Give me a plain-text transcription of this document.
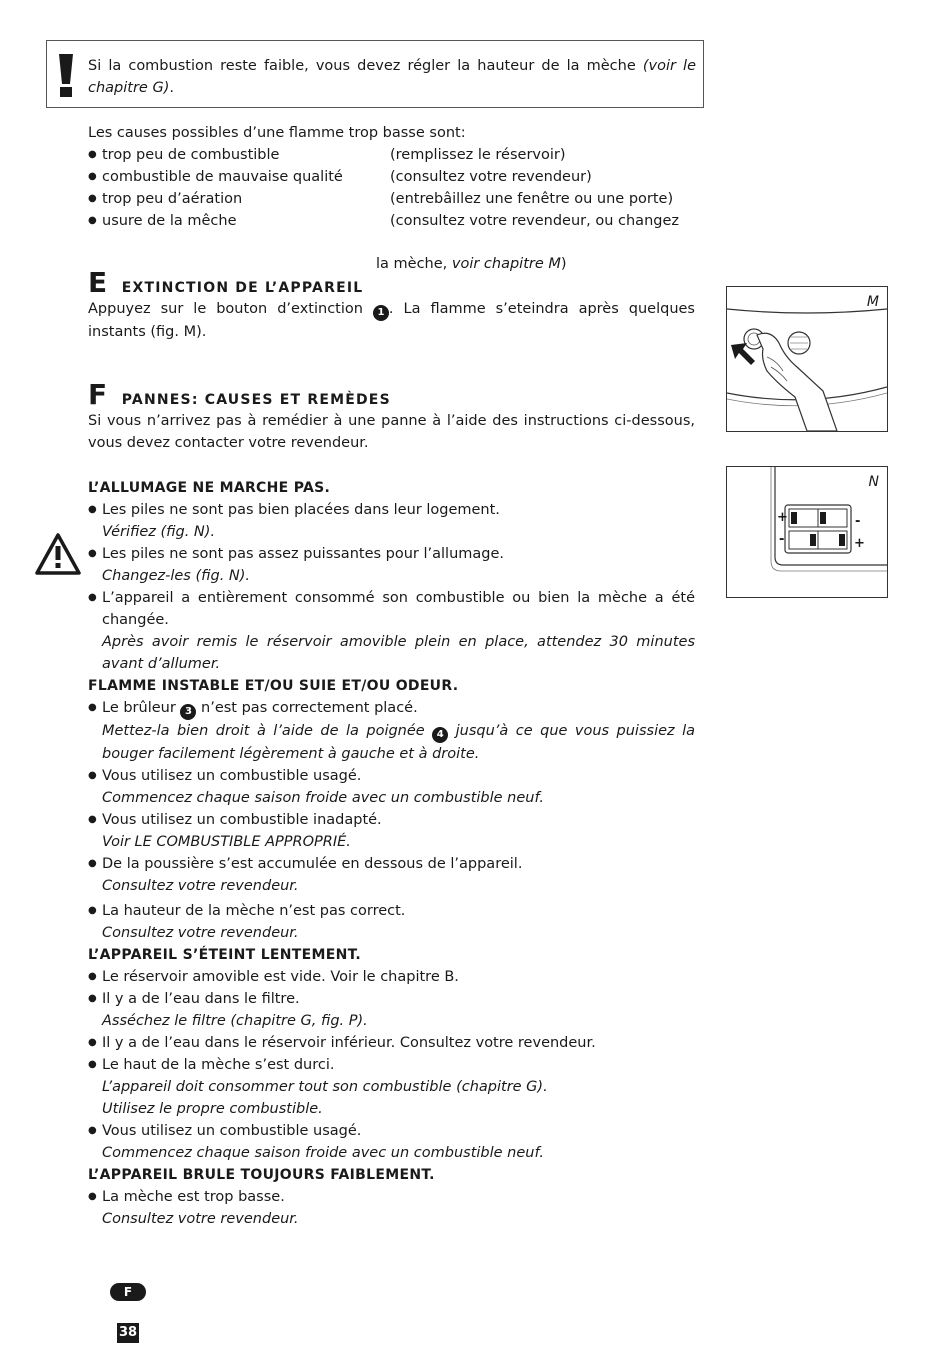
Si la combustion reste faible, vous devez régler la hauteur de la mèche (voir le chapitre G).
Les causes possibles d’une flamme trop basse sont:
● trop peu de combustible	(remplissez le réservoir)
● combustible de mauvaise qualité	(consultez votre revendeur)
● trop peu d’aération	(entrebâillez une fenêtre ou une porte)
● usure de la mêche	(consultez votre revendeur, ou changez
la mèche, voir chapitre M)
E EXTINCTION DE L’APPAREIL
Appuyez sur le bouton d’extinction 1 . La flamme s’eteindra après quelques instants (fig. M).
M
F PANNES: CAUSES ET REMÈDES
Si vous n’arrivez pas à remédier à une panne à l’aide des instructions ci-dessous, vous devez contacter votre revendeur.
N
+
-
-
+
L’ALLUMAGE NE MARCHE PAS.
● Les piles ne sont pas bien placées dans leur logement.
Vérifiez (fig. N).
● Les piles ne sont pas assez puissantes pour l’allumage.
Changez-les (fig. N).
● L’appareil a entièrement consommé son combustible ou bien la mèche a été changée.
Après avoir remis le réservoir amovible plein en place, attendez 30 minutes avant d’allumer.
FLAMME INSTABLE ET/OU SUIE ET/OU ODEUR.
● Le brûleur 3 n’est pas correctement placé.
Mettez-la bien droit à l’aide de la poignée 4 jusqu’à ce que vous puissiez la bouger facilement légèrement à gauche et à droite.
● Vous utilisez un combustible usagé.
Commencez chaque saison froide avec un combustible neuf.
● Vous utilisez un combustible inadapté.
Voir LE COMBUSTIBLE APPROPRIÉ.
● De la poussière s’est accumulée en dessous de l’appareil.
Consultez votre revendeur.
● La hauteur de la mèche n’est pas correct.
Consultez votre revendeur.
L’APPAREIL S’ÉTEINT LENTEMENT.
● Le réservoir amovible est vide. Voir le chapitre B.
● Il y a de l’eau dans le filtre.
Asséchez le filtre (chapitre G, fig. P).
● Il y a de l’eau dans le réservoir inférieur. Consultez votre revendeur.
● Le haut de la mèche s’est durci.
L’appareil doit consommer tout son combustible (chapitre G).
Utilisez le propre combustible.
● Vous utilisez un combustible usagé.
Commencez chaque saison froide avec un combustible neuf.
L’APPAREIL BRULE TOUJOURS FAIBLEMENT.
● La mèche est trop basse.
Consultez votre revendeur.
F
38
